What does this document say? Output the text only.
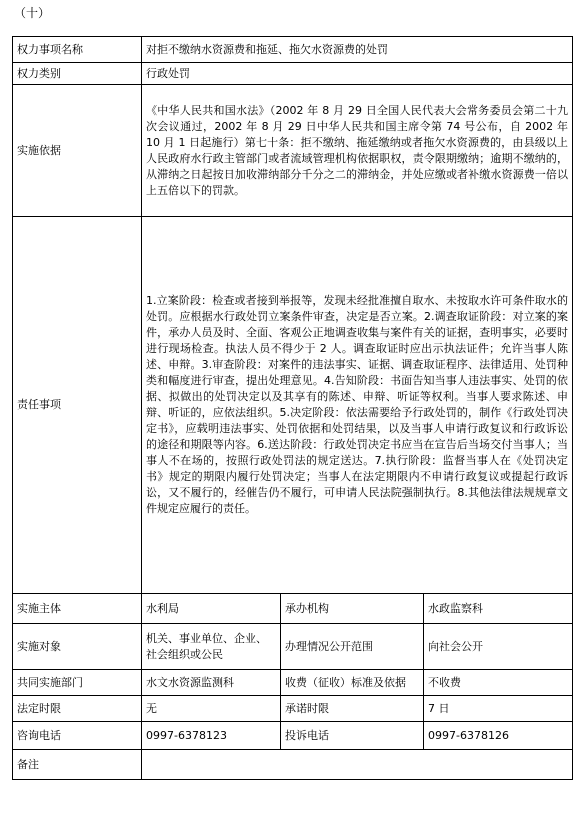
（十）
权力事项名称	对拒不缴纳水资源费和拖延、拖欠水资源费的处罚		
权力类别	行政处罚		
实施依据	《中华人民共和国水法》（2002 年 8 月 29 日全国人民代表大会常务委员会第二十九次会议通过，2002 年 8 月 29 日中华人民共和国主席令第 74 号公布，自 2002 年 10 月 1 日起施行）第七十条：拒不缴纳、拖延缴纳或者拖欠水资源费的，由县级以上人民政府水行政主管部门或者流域管理机构依据职权，责令限期缴纳；逾期不缴纳的，从滞纳之日起按日加收滞纳部分千分之二的滞纳金，并处应缴或者补缴水资源费一倍以上五倍以下的罚款。		
责任事项	1.立案阶段：检查或者接到举报等，发现未经批准擅自取水、未按取水许可条件取水的处罚。应根据水行政处罚立案条件审查，决定是否立案。2.调查取证阶段：对立案的案件，承办人员及时、全面、客观公正地调查收集与案件有关的证据，查明事实，必要时进行现场检查。执法人员不得少于 2 人。调查取证时应出示执法证件；允许当事人陈述、申辩。3.审查阶段：对案件的违法事实、证据、调查取证程序、法律适用、处罚种类和幅度进行审查，提出处理意见。4.告知阶段：书面告知当事人违法事实、处罚的依据、拟做出的处罚决定以及其享有的陈述、申辩、听证等权利。当事人要求陈述、申辩、听证的，应依法组织。5.决定阶段：依法需要给予行政处罚的，制作《行政处罚决定书》，应载明违法事实、处罚依据和处罚结果，以及当事人申请行政复议和行政诉讼的途径和期限等内容。6.送达阶段：行政处罚决定书应当在宣告后当场交付当事人；当事人不在场的，按照行政处罚法的规定送达。7.执行阶段：监督当事人在《处罚决定书》规定的期限内履行处罚决定；当事人在法定期限内不申请行政复议或提起行政诉讼，又不履行的，经催告仍不履行，可申请人民法院强制执行。8.其他法律法规规章文件规定应履行的责任。		
实施主体	水利局	承办机构	水政监察科
实施对象	机关、事业单位、企业、社会组织或公民	办理情况公开范围	向社会公开
共同实施部门	水文水资源监测科	收费（征收）标准及依据	不收费
法定时限	无	承诺时限	7 日
咨询电话	0997-6378123	投诉电话	0997-6378126
备注			
